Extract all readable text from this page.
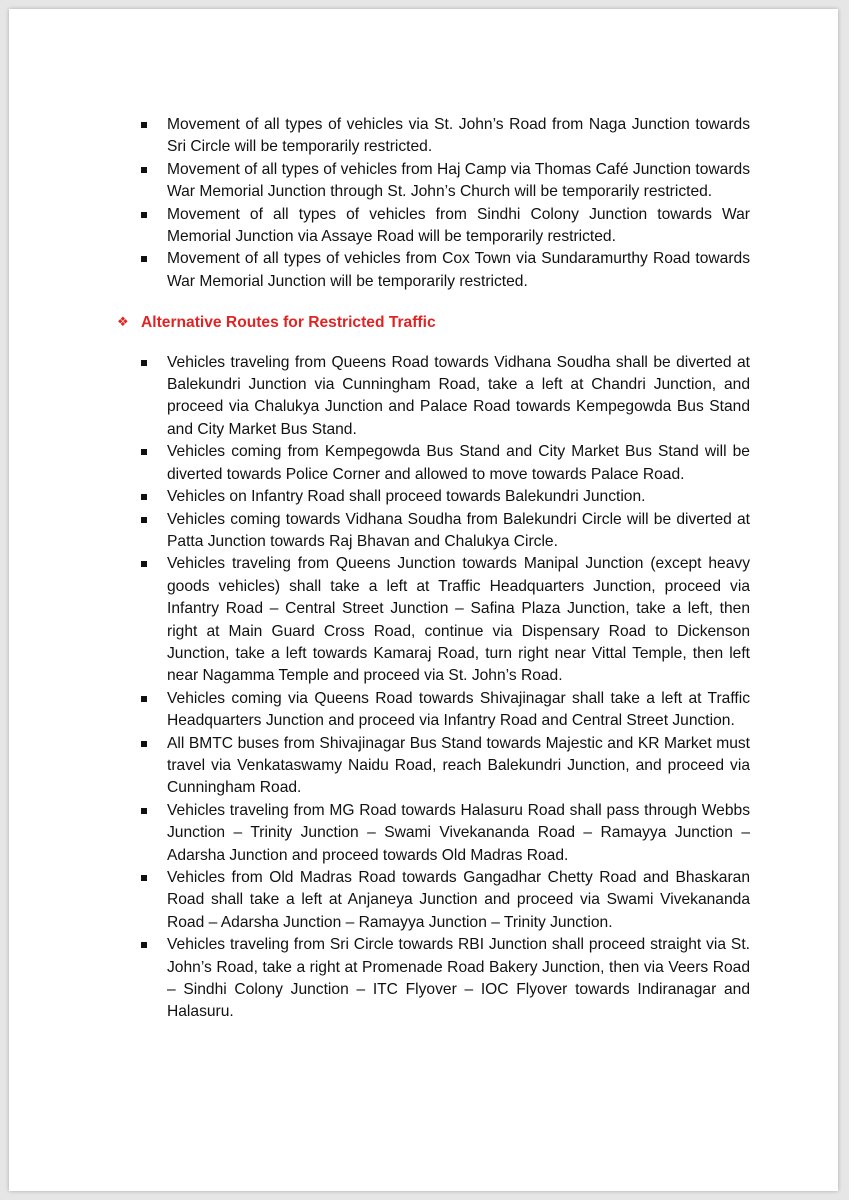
Movement of all types of vehicles via St. John’s Road from Naga Junction towards Sri Circle will be temporarily restricted.
Movement of all types of vehicles from Haj Camp via Thomas Café Junction towards War Memorial Junction through St. John’s Church will be temporarily restricted.
Movement of all types of vehicles from Sindhi Colony Junction towards War Memorial Junction via Assaye Road will be temporarily restricted.
Movement of all types of vehicles from Cox Town via Sundaramurthy Road towards War Memorial Junction will be temporarily restricted.
❖ Alternative Routes for Restricted Traffic
Vehicles traveling from Queens Road towards Vidhana Soudha shall be diverted at Balekundri Junction via Cunningham Road, take a left at Chandri Junction, and proceed via Chalukya Junction and Palace Road towards Kempegowda Bus Stand and City Market Bus Stand.
Vehicles coming from Kempegowda Bus Stand and City Market Bus Stand will be diverted towards Police Corner and allowed to move towards Palace Road.
Vehicles on Infantry Road shall proceed towards Balekundri Junction.
Vehicles coming towards Vidhana Soudha from Balekundri Circle will be diverted at Patta Junction towards Raj Bhavan and Chalukya Circle.
Vehicles traveling from Queens Junction towards Manipal Junction (except heavy goods vehicles) shall take a left at Traffic Headquarters Junction, proceed via Infantry Road – Central Street Junction – Safina Plaza Junction, take a left, then right at Main Guard Cross Road, continue via Dispensary Road to Dickenson Junction, take a left towards Kamaraj Road, turn right near Vittal Temple, then left near Nagamma Temple and proceed via St. John’s Road.
Vehicles coming via Queens Road towards Shivajinagar shall take a left at Traffic Headquarters Junction and proceed via Infantry Road and Central Street Junction.
All BMTC buses from Shivajinagar Bus Stand towards Majestic and KR Market must travel via Venkataswamy Naidu Road, reach Balekundri Junction, and proceed via Cunningham Road.
Vehicles traveling from MG Road towards Halasuru Road shall pass through Webbs Junction – Trinity Junction – Swami Vivekananda Road – Ramayya Junction – Adarsha Junction and proceed towards Old Madras Road.
Vehicles from Old Madras Road towards Gangadhar Chetty Road and Bhaskaran Road shall take a left at Anjaneya Junction and proceed via Swami Vivekananda Road – Adarsha Junction – Ramayya Junction – Trinity Junction.
Vehicles traveling from Sri Circle towards RBI Junction shall proceed straight via St. John’s Road, take a right at Promenade Road Bakery Junction, then via Veers Road – Sindhi Colony Junction – ITC Flyover – IOC Flyover towards Indiranagar and Halasuru.
